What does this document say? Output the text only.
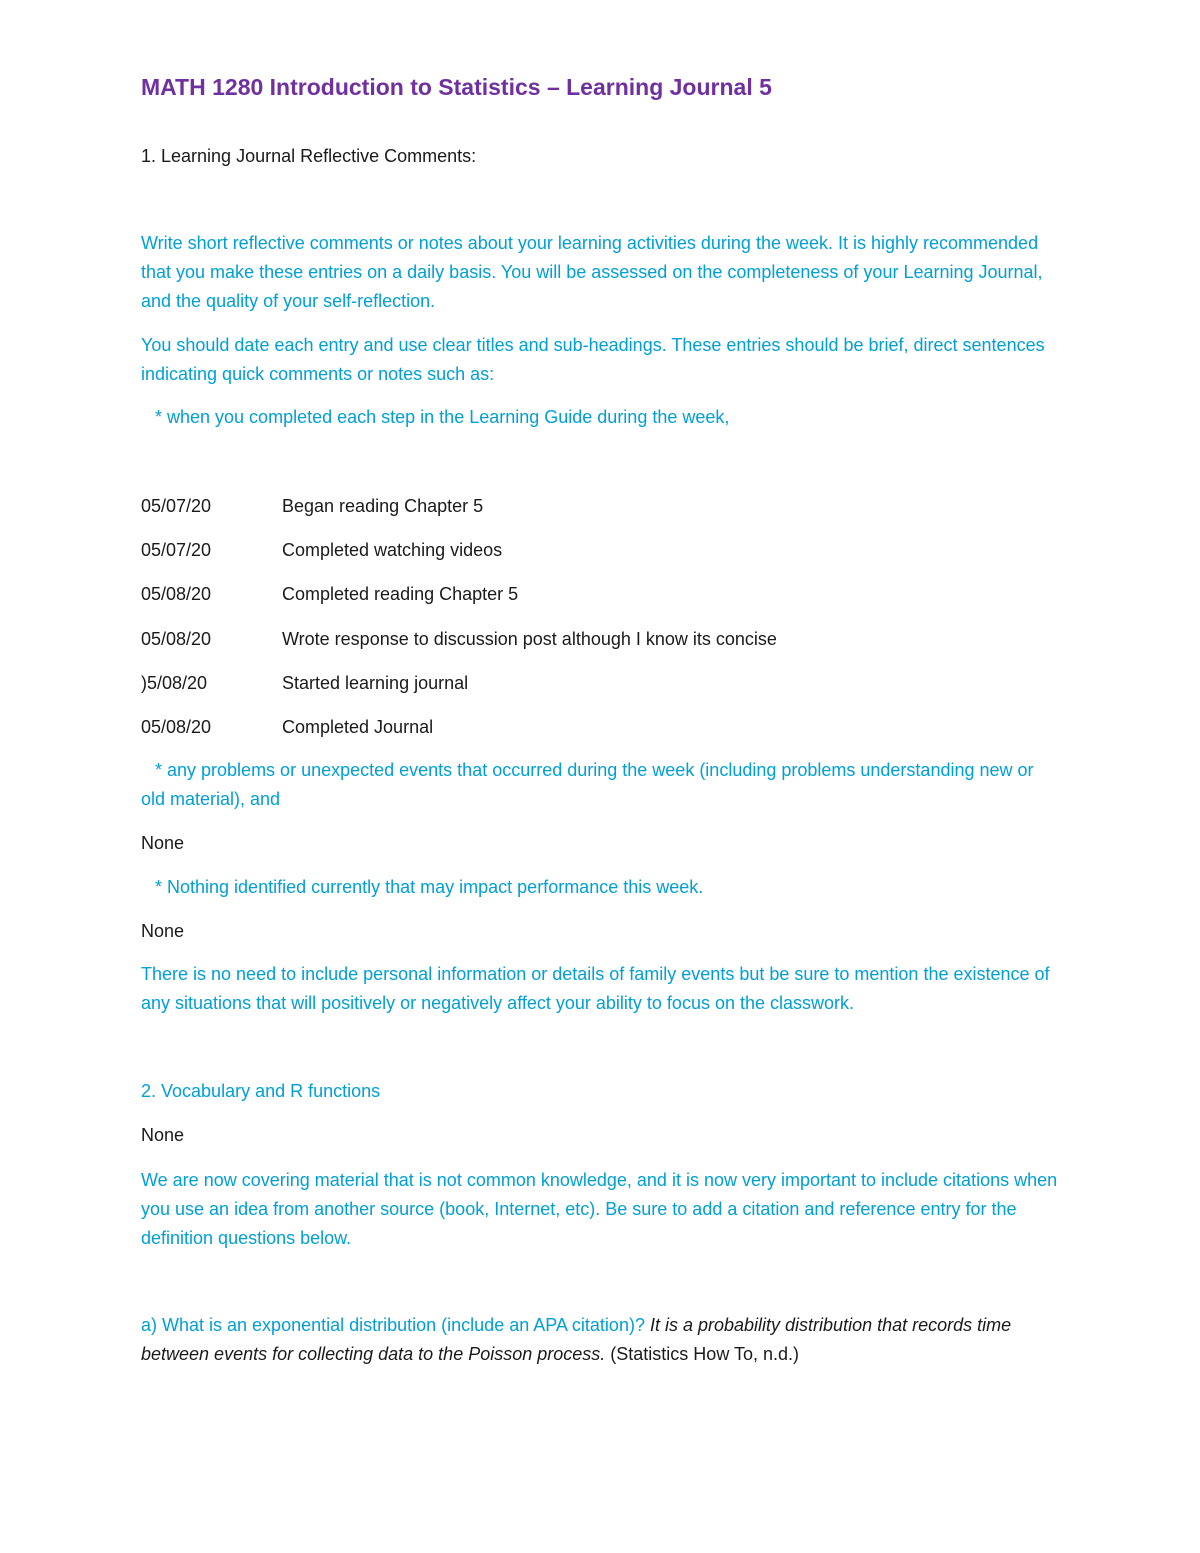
MATH 1280 Introduction to Statistics – Learning Journal 5
1. Learning Journal Reflective Comments:
Write short reflective comments or notes about your learning activities during the week. It is highly recommended that you make these entries on a daily basis. You will be assessed on the completeness of your Learning Journal, and the quality of your self-reflection.
You should date each entry and use clear titles and sub-headings. These entries should be brief, direct sentences indicating quick comments or notes such as:
* when you completed each step in the Learning Guide during the week,
05/07/20	Began reading Chapter 5
05/07/20	Completed watching videos
05/08/20	Completed reading Chapter 5
05/08/20	Wrote response to discussion post although I know its concise
)5/08/20	Started learning journal
05/08/20	Completed Journal
* any problems or unexpected events that occurred during the week (including problems understanding new or old material), and
None
* Nothing identified currently that may impact performance this week.
None
There is no need to include personal information or details of family events but be sure to mention the existence of any situations that will positively or negatively affect your ability to focus on the classwork.
2. Vocabulary and R functions
None
We are now covering material that is not common knowledge, and it is now very important to include citations when you use an idea from another source (book, Internet, etc). Be sure to add a citation and reference entry for the definition questions below.
a) What is an exponential distribution (include an APA citation)? It is a probability distribution that records time between events for collecting data to the Poisson process. (Statistics How To, n.d.)
